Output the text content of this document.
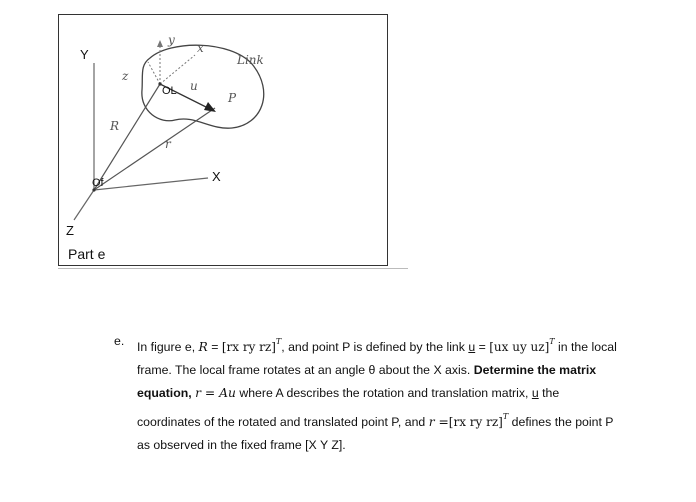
Y
X
Z
Of
OL
Link
P
r
R
u
y
x
z
Part e
e. In figure e, R = [rx ry rz]$^T$, and point P is defined by the link u = [ux uy uz]$^T$ in the local
frame. The local frame rotates at an angle θ about the X axis. Determine the matrix
equation, r = Au where A describes the rotation and translation matrix, u the
coordinates of the rotated and translated point P, and r =[rx ry rz]$^T$ defines the point P
as observed in the fixed frame [X Y Z].
